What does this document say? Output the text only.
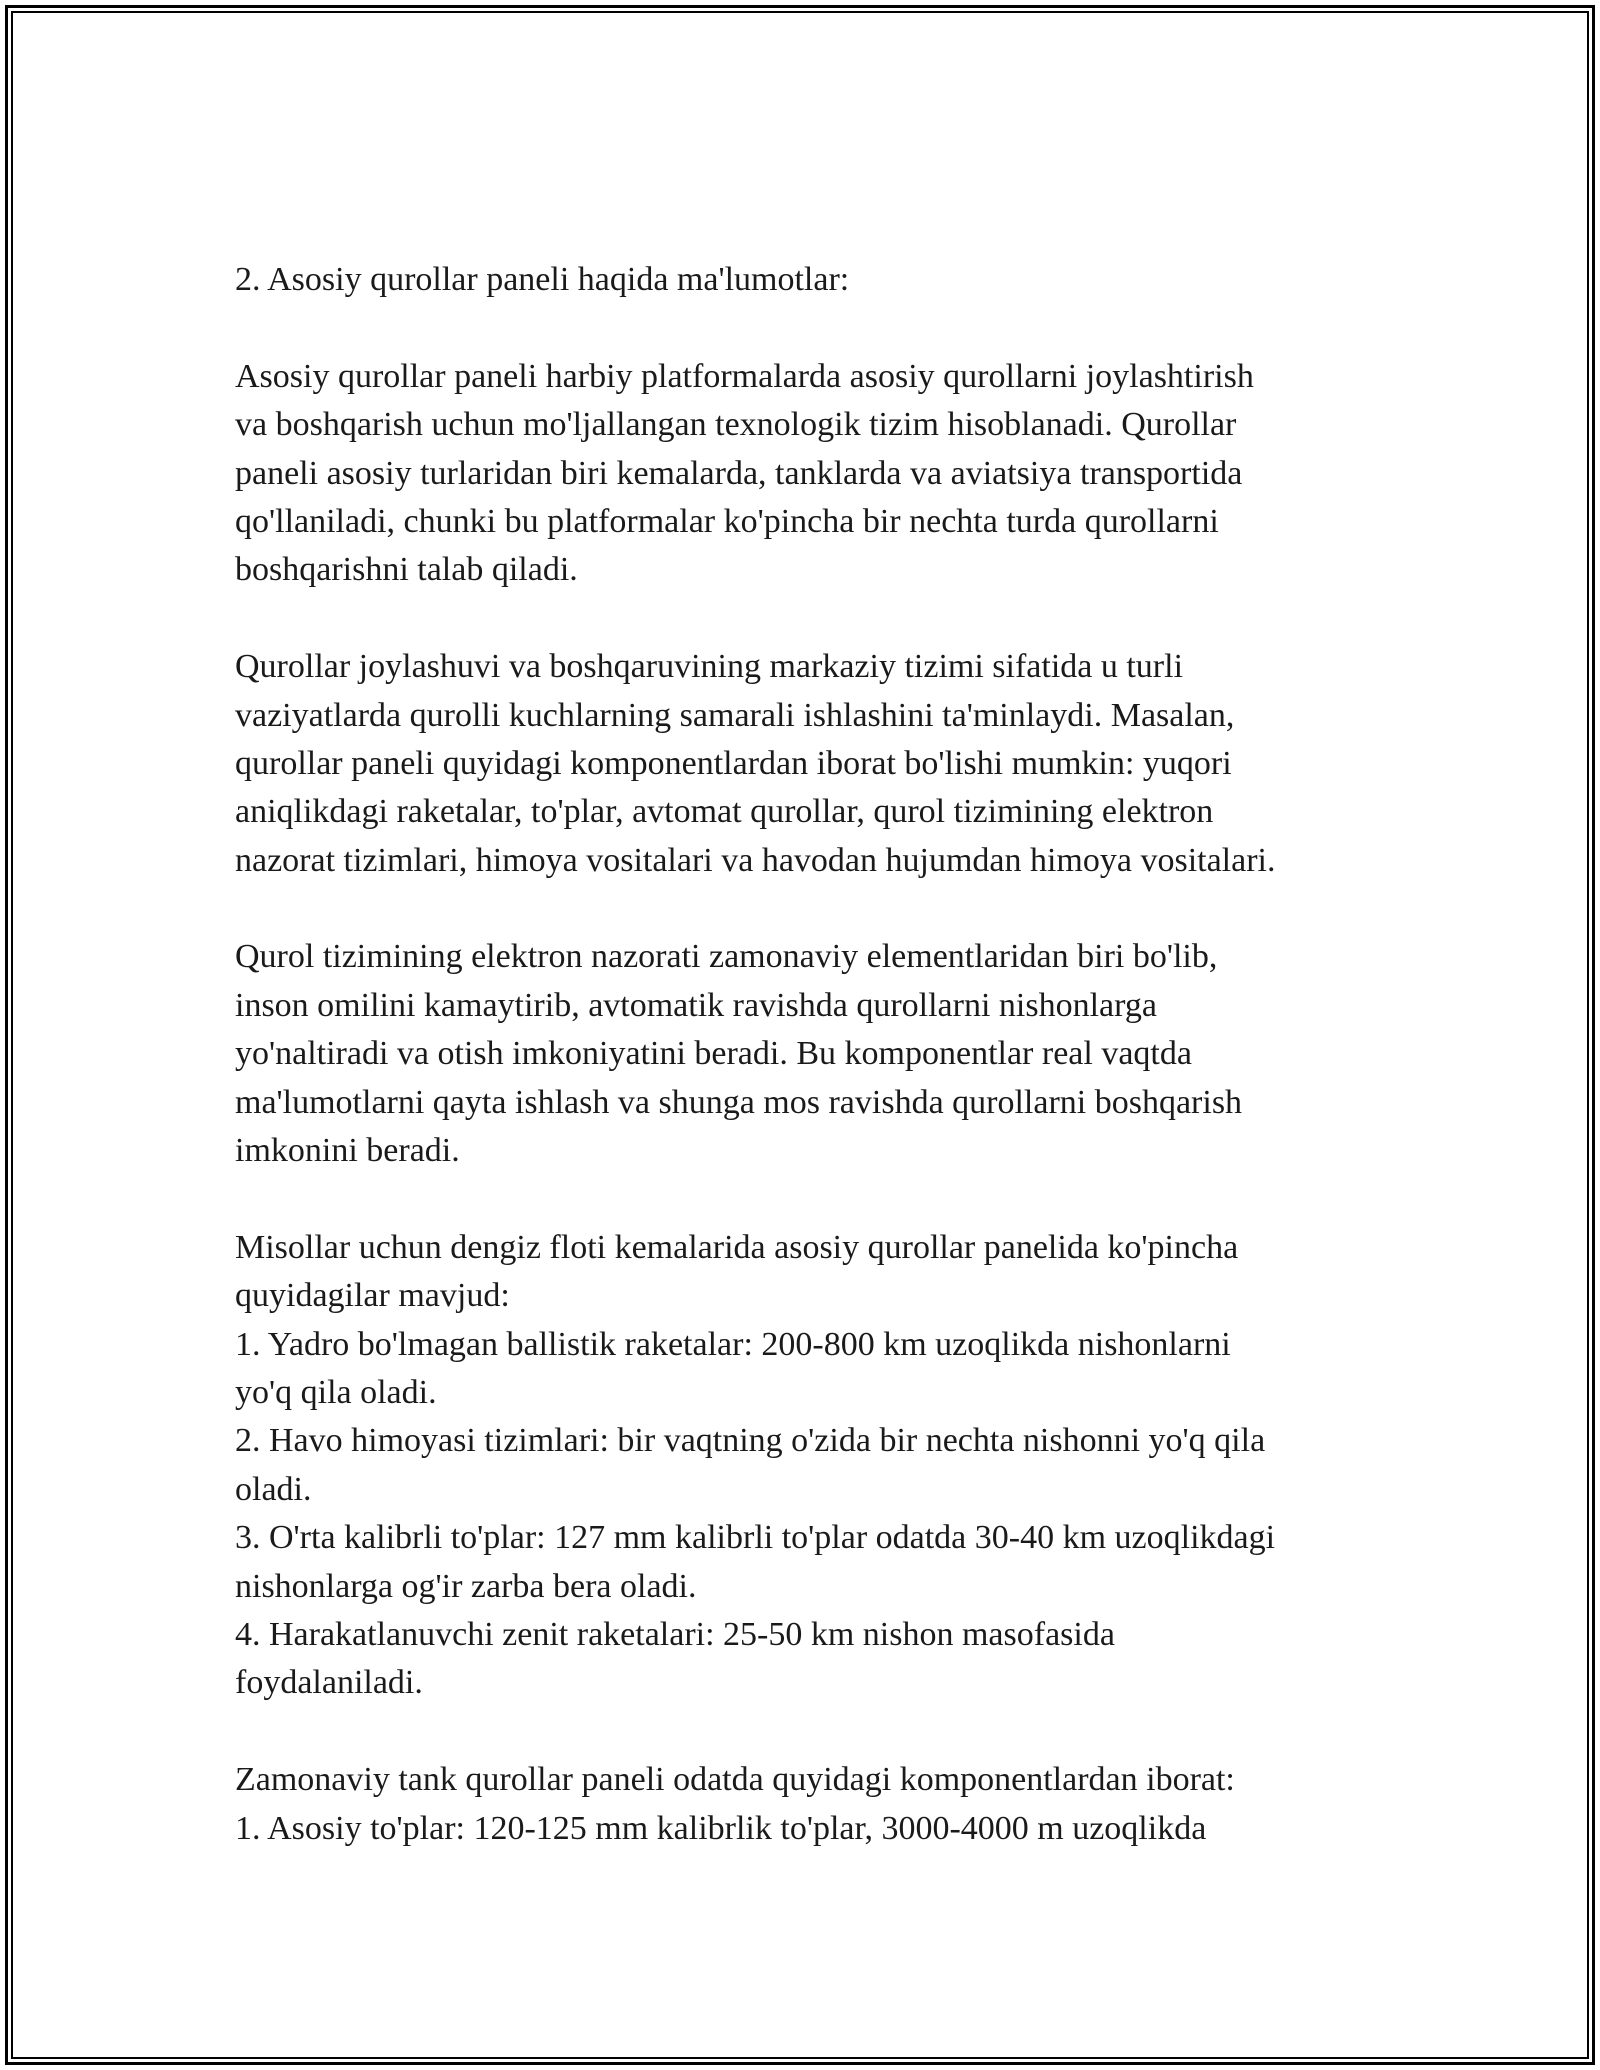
2. Asosiy qurollar paneli haqida ma'lumotlar:
Asosiy qurollar paneli harbiy platformalarda asosiy qurollarni joylashtirish
va boshqarish uchun mo'ljallangan texnologik tizim hisoblanadi. Qurollar
paneli asosiy turlaridan biri kemalarda, tanklarda va aviatsiya transportida
qo'llaniladi, chunki bu platformalar ko'pincha bir nechta turda qurollarni
boshqarishni talab qiladi.
Qurollar joylashuvi va boshqaruvining markaziy tizimi sifatida u turli
vaziyatlarda qurolli kuchlarning samarali ishlashini ta'minlaydi. Masalan,
qurollar paneli quyidagi komponentlardan iborat bo'lishi mumkin: yuqori
aniqlikdagi raketalar, to'plar, avtomat qurollar, qurol tizimining elektron
nazorat tizimlari, himoya vositalari va havodan hujumdan himoya vositalari.
Qurol tizimining elektron nazorati zamonaviy elementlaridan biri bo'lib,
inson omilini kamaytirib, avtomatik ravishda qurollarni nishonlarga
yo'naltiradi va otish imkoniyatini beradi. Bu komponentlar real vaqtda
ma'lumotlarni qayta ishlash va shunga mos ravishda qurollarni boshqarish
imkonini beradi.
Misollar uchun dengiz floti kemalarida asosiy qurollar panelida ko'pincha
quyidagilar mavjud:
1. Yadro bo'lmagan ballistik raketalar: 200-800 km uzoqlikda nishonlarni
yo'q qila oladi.
2. Havo himoyasi tizimlari: bir vaqtning o'zida bir nechta nishonni yo'q qila
oladi.
3. O'rta kalibrli to'plar: 127 mm kalibrli to'plar odatda 30-40 km uzoqlikdagi
nishonlarga og'ir zarba bera oladi.
4. Harakatlanuvchi zenit raketalari: 25-50 km nishon masofasida
foydalaniladi.
Zamonaviy tank qurollar paneli odatda quyidagi komponentlardan iborat:
1. Asosiy to'plar: 120-125 mm kalibrlik to'plar, 3000-4000 m uzoqlikda
